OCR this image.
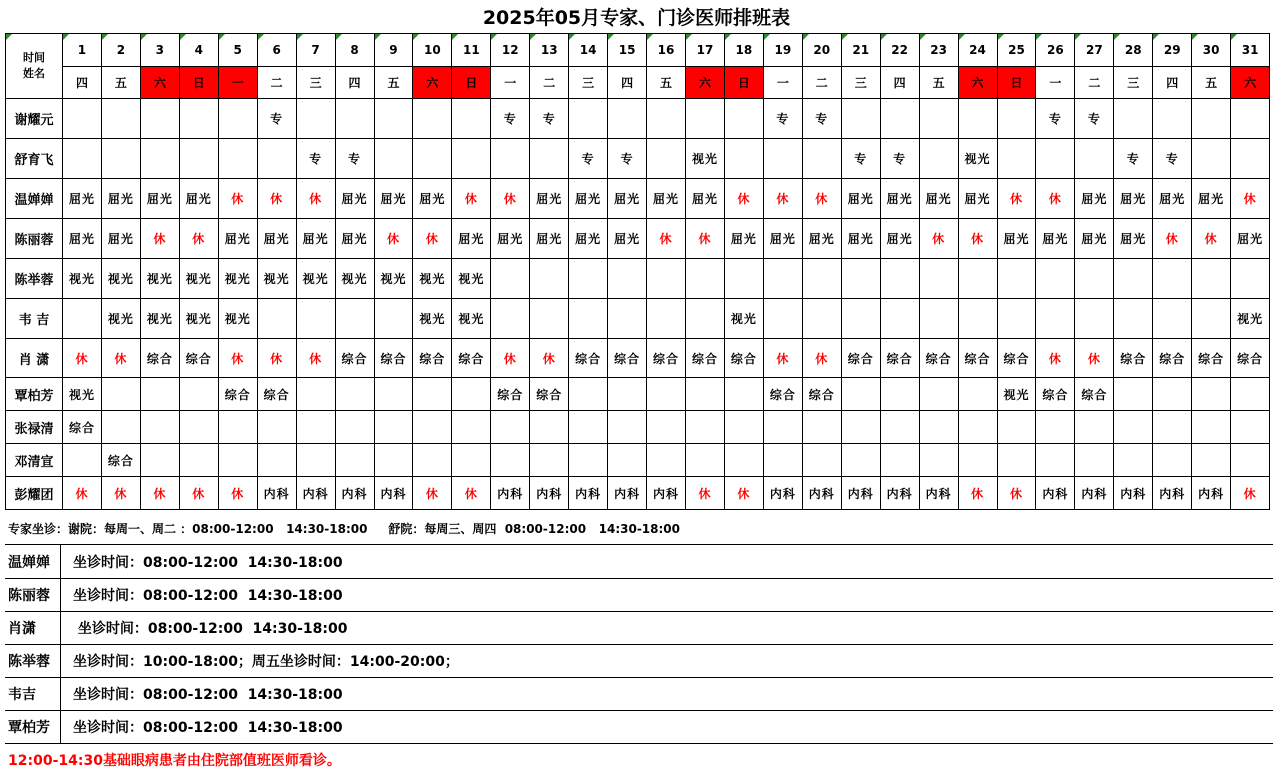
2025年05月专家、门诊医师排班表
时间
姓名	1	2	3	4	5	6	7	8	9	10	11	12	13	14	15	16	17	18	19	20	21	22	23	24	25	26	27	28	29	30	31
	四	五	六	日	一	二	三	四	五	六	日	一	二	三	四	五	六	日	一	二	三	四	五	六	日	一	二	三	四	五	六
谢耀元						专						专	专						专	专						专	专				
舒育飞							专	专						专	专		视光				专	专		视光				专	专		
温婵婵	屈光	屈光	屈光	屈光	休	休	休	屈光	屈光	屈光	休	休	屈光	屈光	屈光	屈光	屈光	休	休	休	屈光	屈光	屈光	屈光	休	休	屈光	屈光	屈光	屈光	休
陈丽蓉	屈光	屈光	休	休	屈光	屈光	屈光	屈光	休	休	屈光	屈光	屈光	屈光	屈光	休	休	屈光	屈光	屈光	屈光	屈光	休	休	屈光	屈光	屈光	屈光	休	休	屈光
陈举蓉	视光	视光	视光	视光	视光	视光	视光	视光	视光	视光	视光																				
韦 吉		视光	视光	视光	视光					视光	视光							视光													视光
肖 潇	休	休	综合	综合	休	休	休	综合	综合	综合	综合	休	休	综合	综合	综合	综合	综合	休	休	综合	综合	综合	综合	综合	休	休	综合	综合	综合	综合
覃柏芳	视光				综合	综合						综合	综合						综合	综合					视光	综合	综合				
张禄清	综合																														
邓清宣		综合																													
彭耀团	休	休	休	休	休	内科	内科	内科	内科	休	休	内科	内科	内科	内科	内科	休	休	内科	内科	内科	内科	内科	休	休	内科	内科	内科	内科	内科	休
专家坐诊：谢院：每周一、周二 ：08:00-12:00   14:30-18:00     舒院：每周三、周四  08:00-12:00   14:30-18:00
温婵婵	坐诊时间：08:00-12:00  14:30-18:00
陈丽蓉	坐诊时间：08:00-12:00  14:30-18:00
肖潇	坐诊时间：08:00-12:00  14:30-18:00
陈举蓉	坐诊时间：10:00-18:00；周五坐诊时间：14:00-20:00；
韦吉	坐诊时间：08:00-12:00  14:30-18:00
覃柏芳	坐诊时间：08:00-12:00  14:30-18:00
12:00-14:30基础眼病患者由住院部值班医师看诊。
